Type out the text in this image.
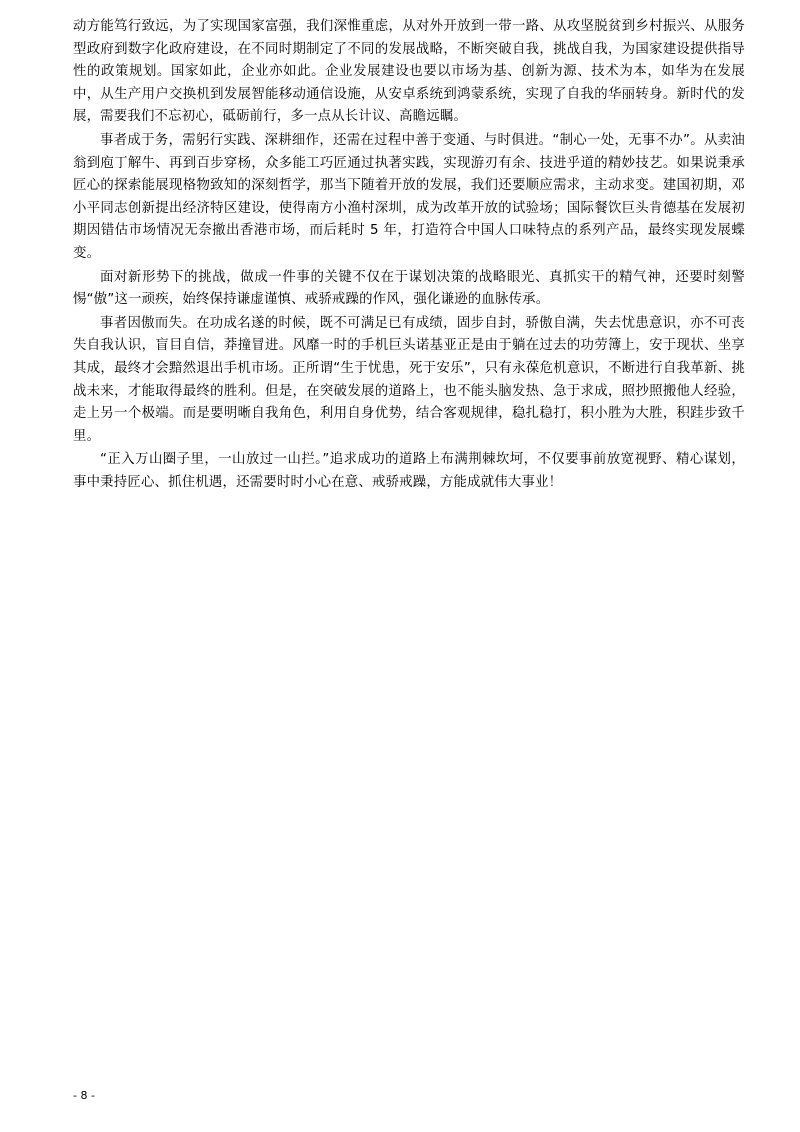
动方能笃行致远，为了实现国家富强，我们深惟重虑，从对外开放到一带一路、从攻坚脱贫到乡村振兴、从服务型政府到数字化政府建设，在不同时期制定了不同的发展战略，不断突破自我，挑战自我，为国家建设提供指导性的政策规划。国家如此，企业亦如此。企业发展建设也要以市场为基、创新为源、技术为本，如华为在发展中，从生产用户交换机到发展智能移动通信设施，从安卓系统到鸿蒙系统，实现了自我的华丽转身。新时代的发展，需要我们不忘初心，砥砺前行，多一点从长计议、高瞻远瞩。

事者成于务，需躬行实践、深耕细作，还需在过程中善于变通、与时俱进。“制心一处，无事不办”。从卖油翁到庖丁解牛、再到百步穿杨，众多能工巧匠通过执著实践，实现游刃有余、技进乎道的精妙技艺。如果说秉承匠心的探索能展现格物致知的深刻哲学，那当下随着开放的发展，我们还要顺应需求，主动求变。建国初期，邓小平同志创新提出经济特区建设，使得南方小渔村深圳，成为改革开放的试验场；国际餐饮巨头肯德基在发展初期因错估市场情况无奈撤出香港市场，而后耗时 5 年，打造符合中国人口味特点的系列产品，最终实现发展蝶变。

面对新形势下的挑战，做成一件事的关键不仅在于谋划决策的战略眼光、真抓实干的精气神，还要时刻警惕“傲”这一顽疾，始终保持谦虚谨慎、戒骄戒躁的作风，强化谦逊的血脉传承。

事者因傲而失。在功成名遂的时候，既不可满足已有成绩，固步自封，骄傲自满，失去忧患意识，亦不可丧失自我认识，盲目自信，莽撞冒进。风靡一时的手机巨头诺基亚正是由于躺在过去的功劳簿上，安于现状、坐享其成，最终才会黯然退出手机市场。正所谓“生于忧患，死于安乐”，只有永葆危机意识，不断进行自我革新、挑战未来，才能取得最终的胜利。但是，在突破发展的道路上，也不能头脑发热、急于求成，照抄照搬他人经验，走上另一个极端。而是要明晰自我角色，利用自身优势，结合客观规律，稳扎稳打，积小胜为大胜，积跬步致千里。

“正入万山圈子里，一山放过一山拦。”追求成功的道路上布满荆棘坎坷，不仅要事前放宽视野、精心谋划，事中秉持匠心、抓住机遇，还需要时时小心在意、戒骄戒躁，方能成就伟大事业！

- 8 -
